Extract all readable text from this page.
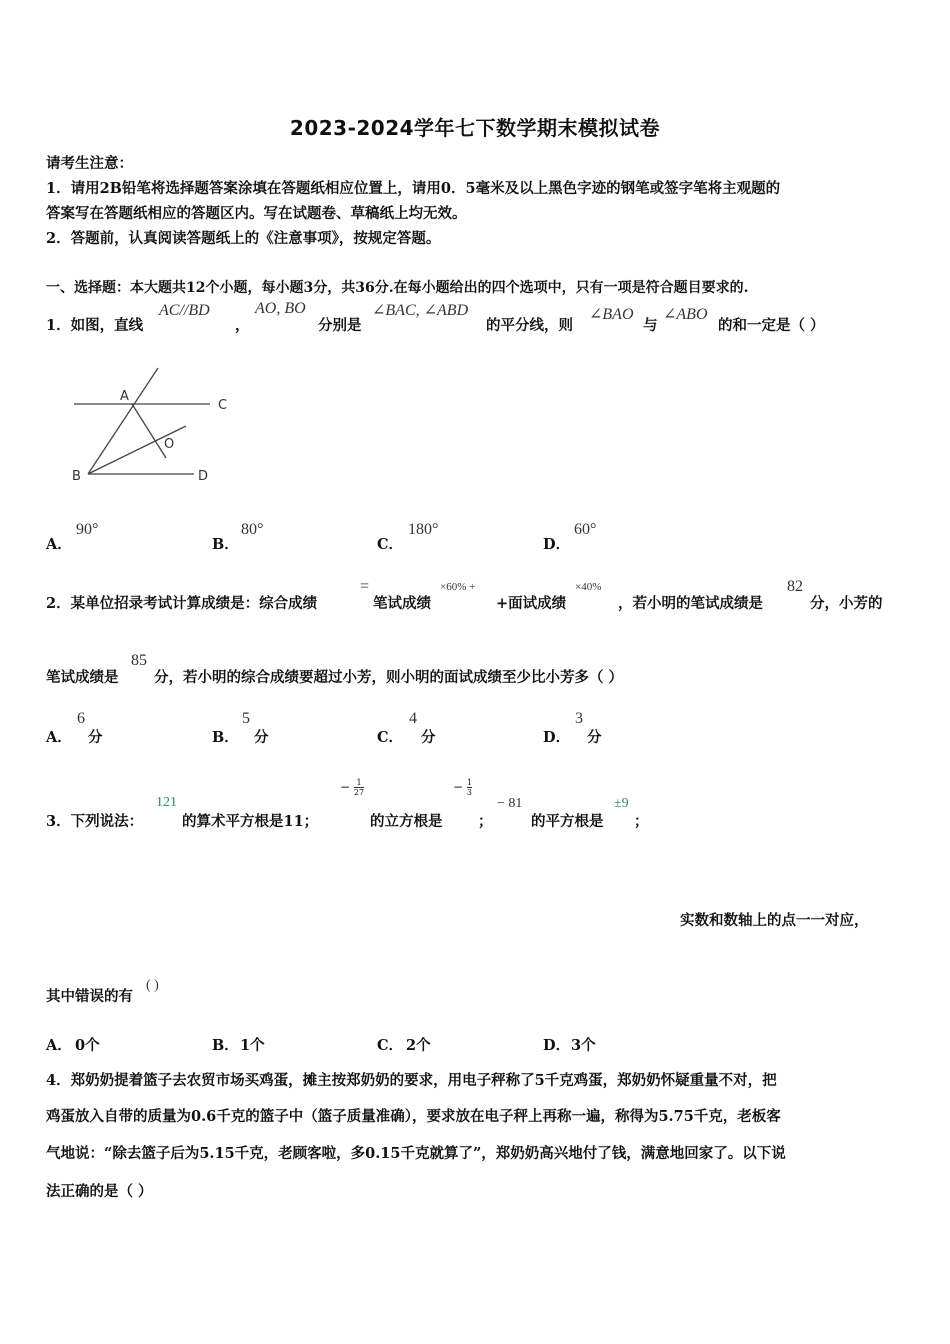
2023-2024学年七下数学期末模拟试卷
请考生注意：
1．请用2B铅笔将选择题答案涂填在答题纸相应位置上，请用0．5毫米及以上黑色字迹的钢笔或签字笔将主观题的
答案写在答题纸相应的答题区内。写在试题卷、草稿纸上均无效。
2．答题前，认真阅读答题纸上的《注意事项》，按规定答题。
一、选择题：本大题共12个小题，每小题3分，共36分.在每小题给出的四个选项中，只有一项是符合题目要求的.
1．如图，直线
AC//BD
，
AO, BO
分别是
∠BAC, ∠ABD
的平分线，则
∠BAO
与
∠ABO
的和一定是（ ）
A
C
O
B	D
A．
90°
B．
80°
C．
180°
D．
60°
2．某单位招录考试计算成绩是：综合成绩
=
笔试成绩
×60% +
+面试成绩
×40%
，若小明的笔试成绩是
82
分，小芳的
笔试成绩是
85
分，若小明的综合成绩要超过小芳，则小明的面试成绩至少比小芳多（ ）
A．
6
分	B．
5
分	C．
4
分	D．
3
分
3．下列说法：
121
的算术平方根是11；
− $\frac{1}{27}$
的立方根是
− $\frac{1}{3}$
；
− 81
的平方根是
±9
；
实数和数轴上的点一一对应，
其中错误的有
( )
A． 0个	B． 1个	C． 2个	D． 3个
4．郑奶奶提着篮子去农贸市场买鸡蛋，摊主按郑奶奶的要求，用电子秤称了5千克鸡蛋，郑奶奶怀疑重量不对，把
鸡蛋放入自带的质量为0.6千克的篮子中（篮子质量准确），要求放在电子秤上再称一遍，称得为5.75千克，老板客
气地说：“除去篮子后为5.15千克，老顾客啦，多0.15千克就算了”，郑奶奶高兴地付了钱，满意地回家了。以下说
法正确的是（ ）
